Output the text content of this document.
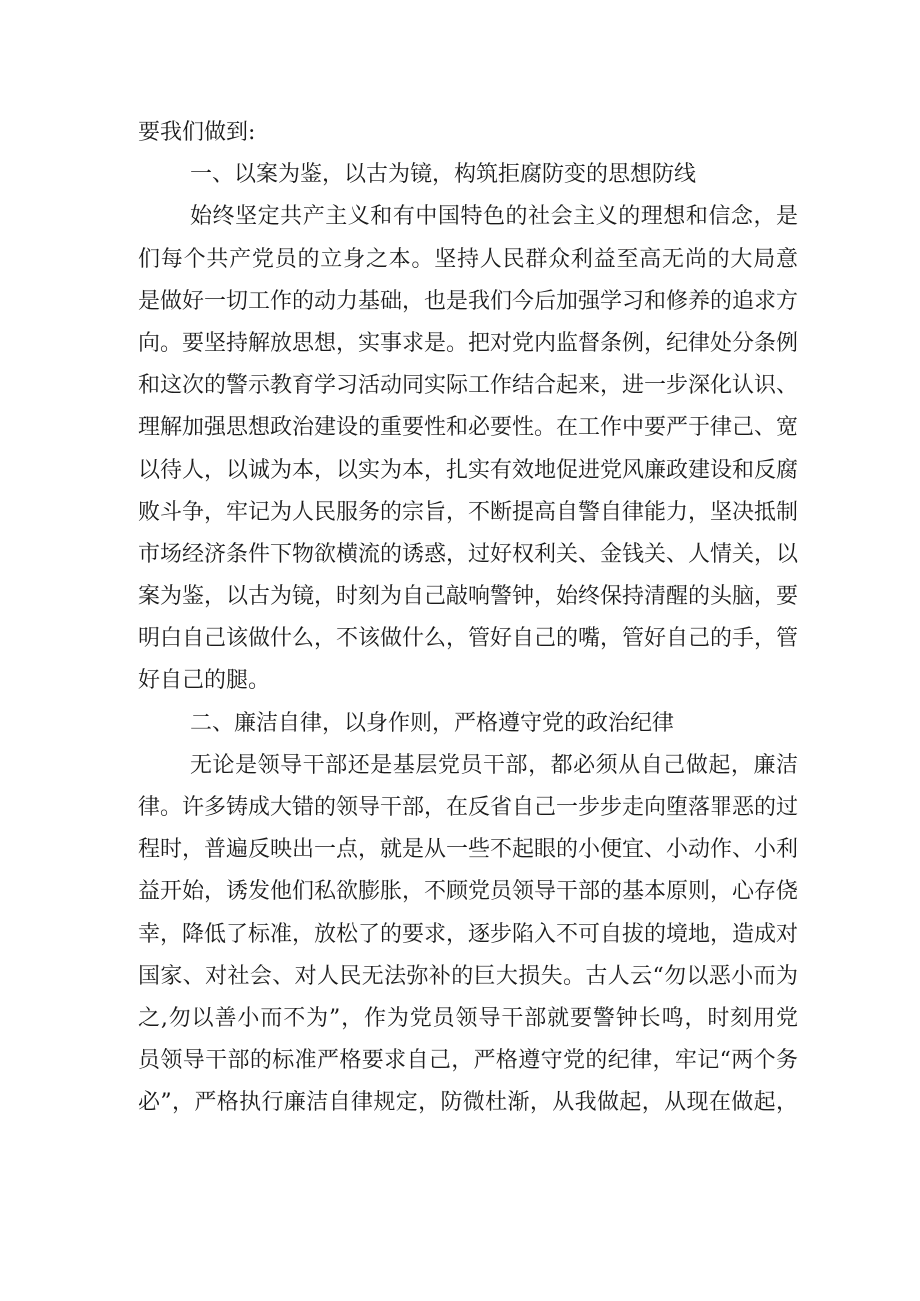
要我们做到:
一、以案为鉴，以古为镜，构筑拒腐防变的思想防线
始终坚定共产主义和有中国特色的社会主义的理想和信念，是
们每个共产党员的立身之本。坚持人民群众利益至高无尚的大局意
是做好一切工作的动力基础，也是我们今后加强学习和修养的追求方
向。要坚持解放思想，实事求是。把对党内监督条例，纪律处分条例
和这次的警示教育学习活动同实际工作结合起来，进一步深化认识、
理解加强思想政治建设的重要性和必要性。在工作中要严于律己、宽
以待人，以诚为本，以实为本，扎实有效地促进党风廉政建设和反腐
败斗争，牢记为人民服务的宗旨，不断提高自警自律能力，坚决抵制
市场经济条件下物欲横流的诱惑，过好权利关、金钱关、人情关，以
案为鉴，以古为镜，时刻为自己敲响警钟，始终保持清醒的头脑，要
明白自己该做什么，不该做什么，管好自己的嘴，管好自己的手，管
好自己的腿。
二、廉洁自律，以身作则，严格遵守党的政治纪律
无论是领导干部还是基层党员干部，都必须从自己做起，廉洁
律。许多铸成大错的领导干部，在反省自己一步步走向堕落罪恶的过
程时，普遍反映出一点，就是从一些不起眼的小便宜、小动作、小利
益开始，诱发他们私欲膨胀，不顾党员领导干部的基本原则，心存侥
幸，降低了标准，放松了的要求，逐步陷入不可自拔的境地，造成对
国家、对社会、对人民无法弥补的巨大损失。古人云“勿以恶小而为
之,勿以善小而不为”，作为党员领导干部就要警钟长鸣，时刻用党
员领导干部的标准严格要求自己，严格遵守党的纪律，牢记“两个务
必”，严格执行廉洁自律规定，防微杜渐，从我做起，从现在做起，
